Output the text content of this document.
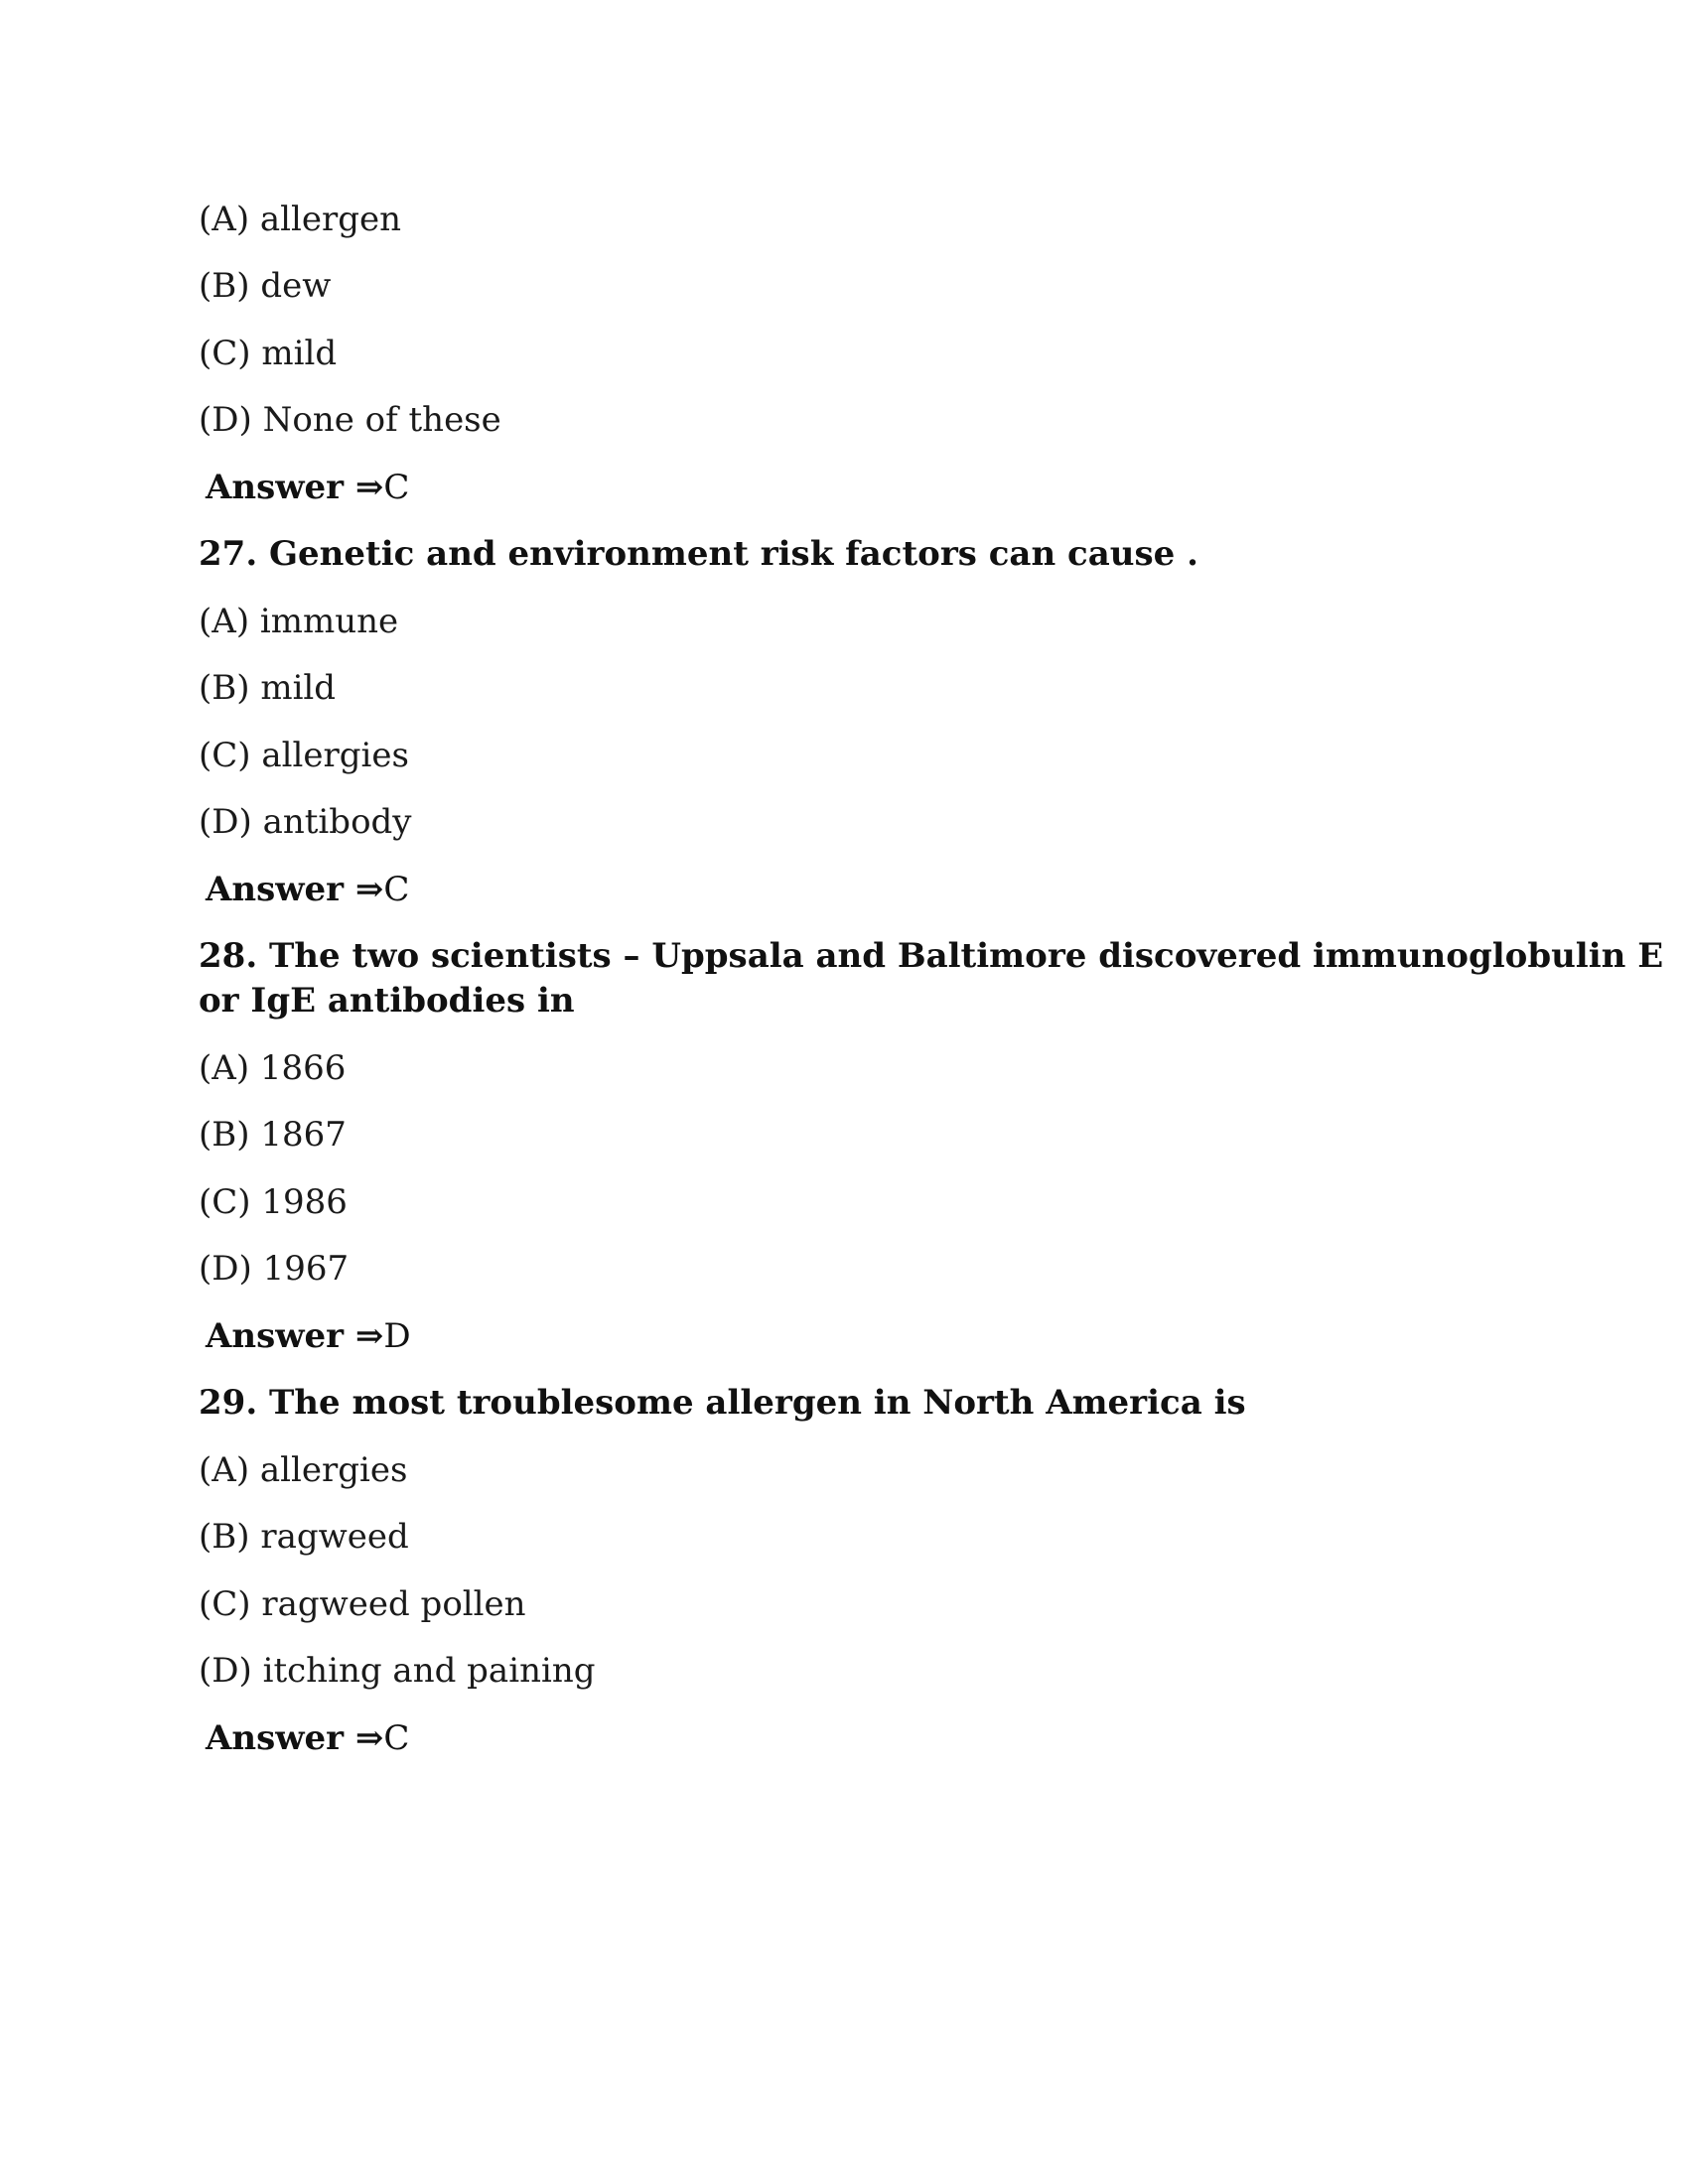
(A) allergen
(B) dew
(C) mild
(D) None of these
Answer ⇒C
27. Genetic and environment risk factors can cause .
(A) immune
(B) mild
(C) allergies
(D) antibody
Answer ⇒C
28. The two scientists – Uppsala and Baltimore discovered immunoglobulin E
or IgE antibodies in
(A) 1866
(B) 1867
(C) 1986
(D) 1967
Answer ⇒D
29. The most troublesome allergen in North America is
(A) allergies
(B) ragweed
(C) ragweed pollen
(D) itching and paining
Answer ⇒C
